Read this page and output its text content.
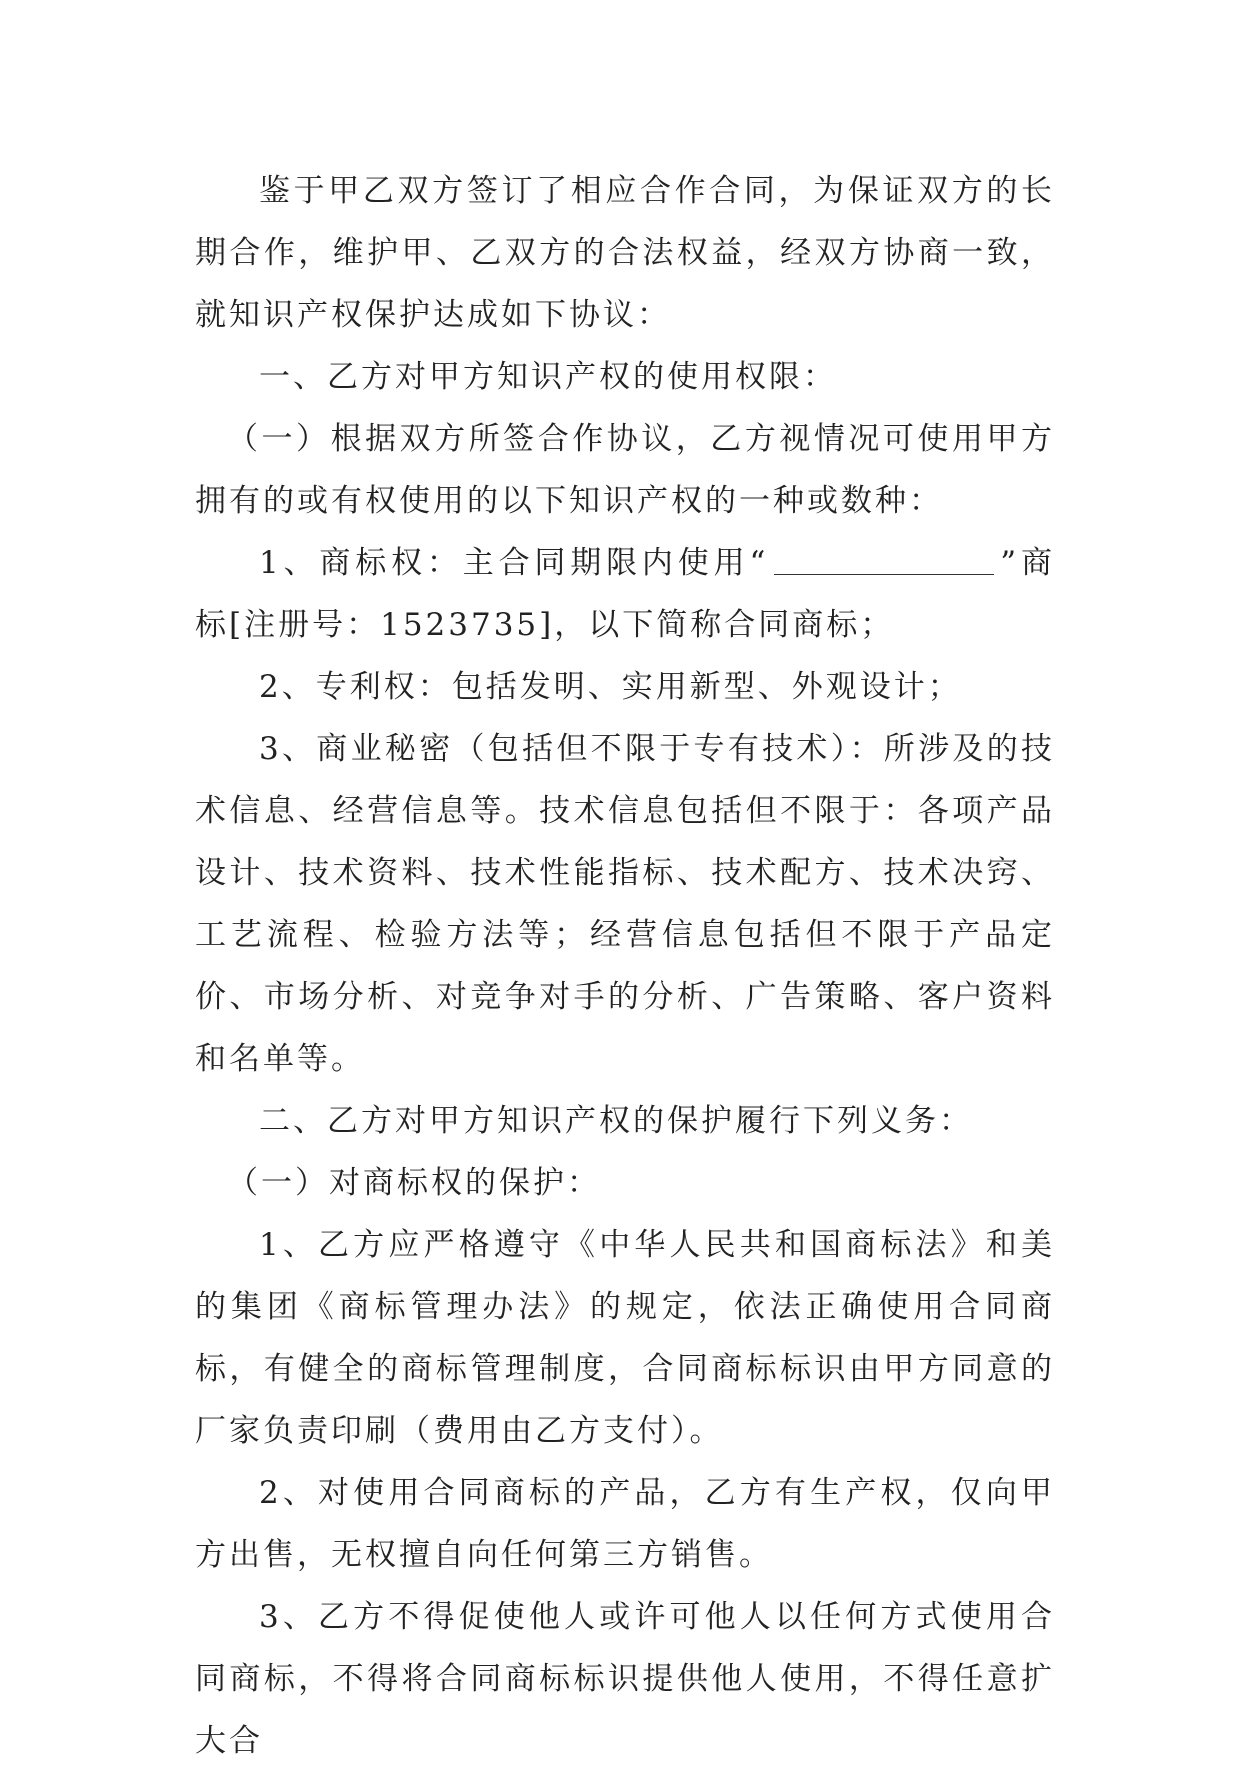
鉴于甲乙双方签订了相应合作合同，为保证双方的长期合作，维护甲、乙双方的合法权益，经双方协商一致，就知识产权保护达成如下协议：

一、乙方对甲方知识产权的使用权限：

（一）根据双方所签合作协议，乙方视情况可使用甲方拥有的或有权使用的以下知识产权的一种或数种：

1、商标权：主合同期限内使用“	”商标[注册号：1523735]，以下简称合同商标；

2、专利权：包括发明、实用新型、外观设计；

3、商业秘密（包括但不限于专有技术）：所涉及的技术信息、经营信息等。技术信息包括但不限于：各项产品设计、技术资料、技术性能指标、技术配方、技术决窍、工艺流程、检验方法等；经营信息包括但不限于产品定价、市场分析、对竞争对手的分析、广告策略、客户资料和名单等。

二、乙方对甲方知识产权的保护履行下列义务：

（一）对商标权的保护：

1、乙方应严格遵守《中华人民共和国商标法》和美的集团《商标管理办法》的规定，依法正确使用合同商标，有健全的商标管理制度，合同商标标识由甲方同意的厂家负责印刷（费用由乙方支付）。

2、对使用合同商标的产品，乙方有生产权，仅向甲方出售，无权擅自向任何第三方销售。

3、乙方不得促使他人或许可他人以任何方式使用合同商标，不得将合同商标标识提供他人使用，不得任意扩大合
